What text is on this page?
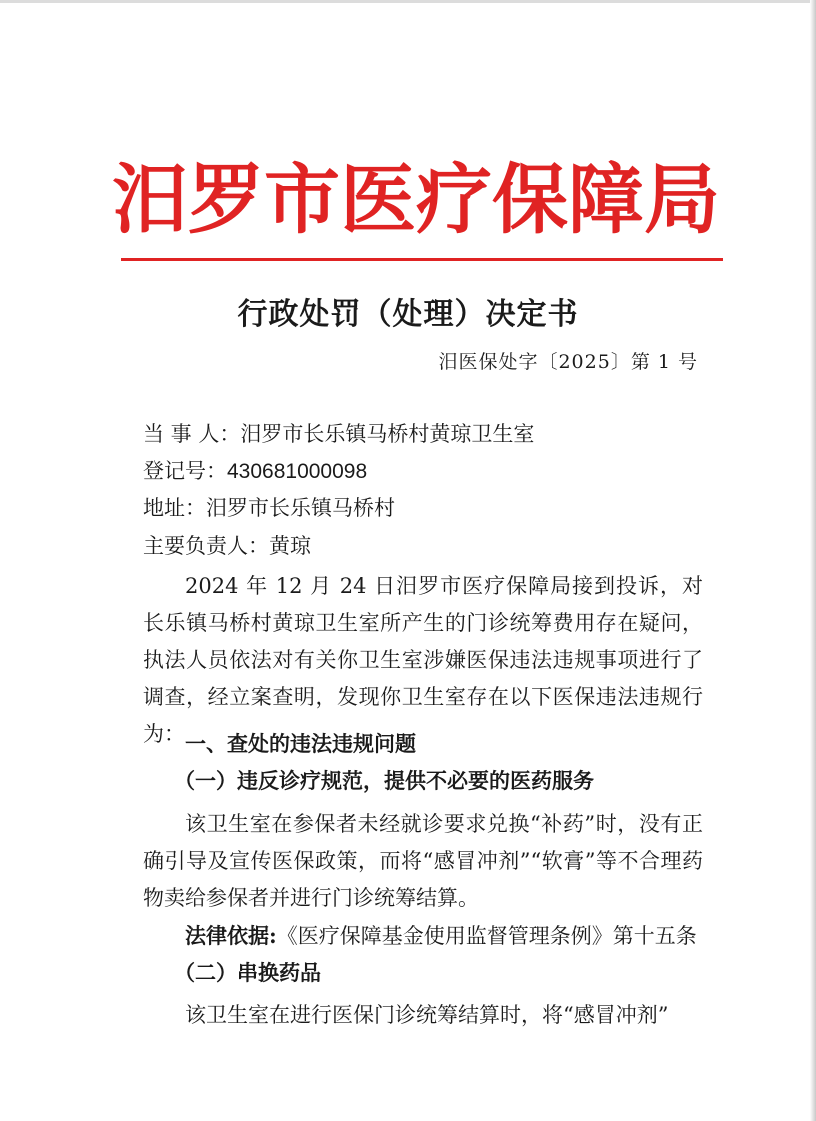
汨罗市医疗保障局
行政处罚（处理）决定书
汨医保处字〔2025〕第 1 号
当 事 人：汨罗市长乐镇马桥村黄琼卫生室
登记号：430681000098
地址：汨罗市长乐镇马桥村
主要负责人：黄琼
2024 年 12 月 24 日汨罗市医疗保障局接到投诉，对长乐镇马桥村黄琼卫生室所产生的门诊统筹费用存在疑问，执法人员依法对有关你卫生室涉嫌医保违法违规事项进行了调查，经立案查明，发现你卫生室存在以下医保违法违规行为： 一、查处的违法违规问题
（一）违反诊疗规范，提供不必要的医药服务
该卫生室在参保者未经就诊要求兑换“补药”时，没有正确引导及宣传医保政策，而将“感冒冲剂”“软膏”等不合理药物卖给参保者并进行门诊统筹结算。
法律依据:《医疗保障基金使用监督管理条例》第十五条
（二）串换药品
该卫生室在进行医保门诊统筹结算时，将“感冒冲剂”
